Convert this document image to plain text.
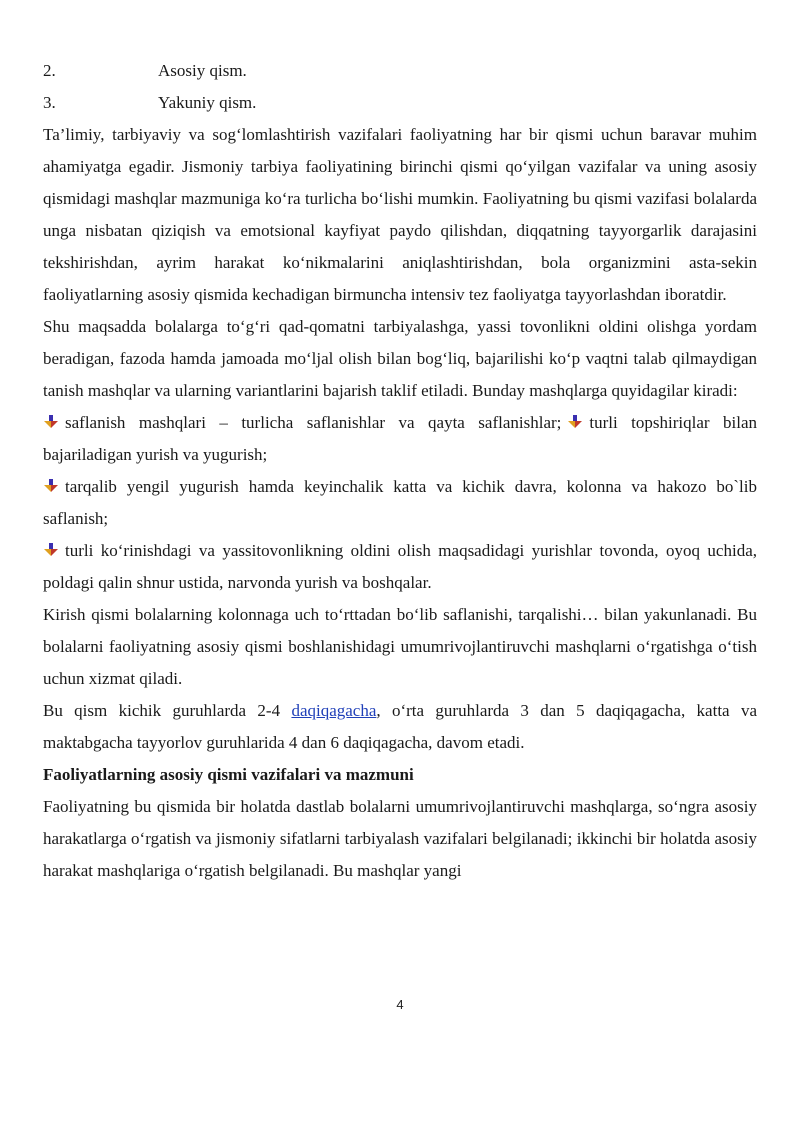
2.	Asosiy qism.
3.	Yakuniy qism.

Ta’limiy, tarbiyaviy va sog‘lomlashtirish vazifalari faoliyatning har bir qismi uchun baravar muhim ahamiyatga egadir. Jismoniy tarbiya faoliyatining birinchi qismi qo‘yilgan vazifalar va uning asosiy qismidagi mashqlar mazmuniga ko‘ra turlicha bo‘lishi mumkin. Faoliyatning bu qismi vazifasi bolalarda unga nisbatan qiziqish va emotsional kayfiyat paydo qilishdan, diqqatning tayyorgarlik darajasini tekshirishdan, ayrim harakat ko‘nikmalarini aniqlashtirishdan, bola organizmini asta-sekin faoliyatlarning asosiy qismida kechadigan birmuncha intensiv tez faoliyatga tayyorlashdan iboratdir.

Shu maqsadda bolalarga to‘g‘ri qad-qomatni tarbiyalashga, yassi tovonlikni oldini olishga yordam beradigan, fazoda hamda jamoada mo‘ljal olish bilan bog‘liq, bajarilishi ko‘p vaqtni talab qilmaydigan tanish mashqlar va ularning variantlarini bajarish taklif etiladi. Bunday mashqlarga quyidagilar kiradi:

saflanish mashqlari – turlicha saflanishlar va qayta saflanishlar; turli topshiriqlar bilan bajariladigan yurish va yugurish;

tarqalib yengil yugurish hamda keyinchalik katta va kichik davra, kolonna va hakozo bo`lib saflanish;

turli ko‘rinishdagi va yassitovonlikning oldini olish maqsadidagi yurishlar tovonda, oyoq uchida, poldagi qalin shnur ustida, narvonda yurish va boshqalar.

Kirish qismi bolalarning kolonnaga uch to‘rttadan bo‘lib saflanishi, tarqalishi… bilan yakunlanadi. Bu bolalarni faoliyatning asosiy qismi boshlanishidagi umumrivojlantiruvchi mashqlarni o‘rgatishga o‘tish uchun xizmat qiladi.

Bu qism kichik guruhlarda 2-4 daqiqagacha, o‘rta guruhlarda 3 dan 5 daqiqagacha, katta va maktabgacha tayyorlov guruhlarida 4 dan 6 daqiqagacha, davom etadi.

Faoliyatlarning asosiy qismi vazifalari va mazmuni

Faoliyatning bu qismida bir holatda dastlab bolalarni umumrivojlantiruvchi mashqlarga, so‘ngra asosiy harakatlarga o‘rgatish va jismoniy sifatlarni tarbiyalash vazifalari belgilanadi; ikkinchi bir holatda asosiy harakat mashqlariga o‘rgatish belgilanadi. Bu mashqlar yangi

4
